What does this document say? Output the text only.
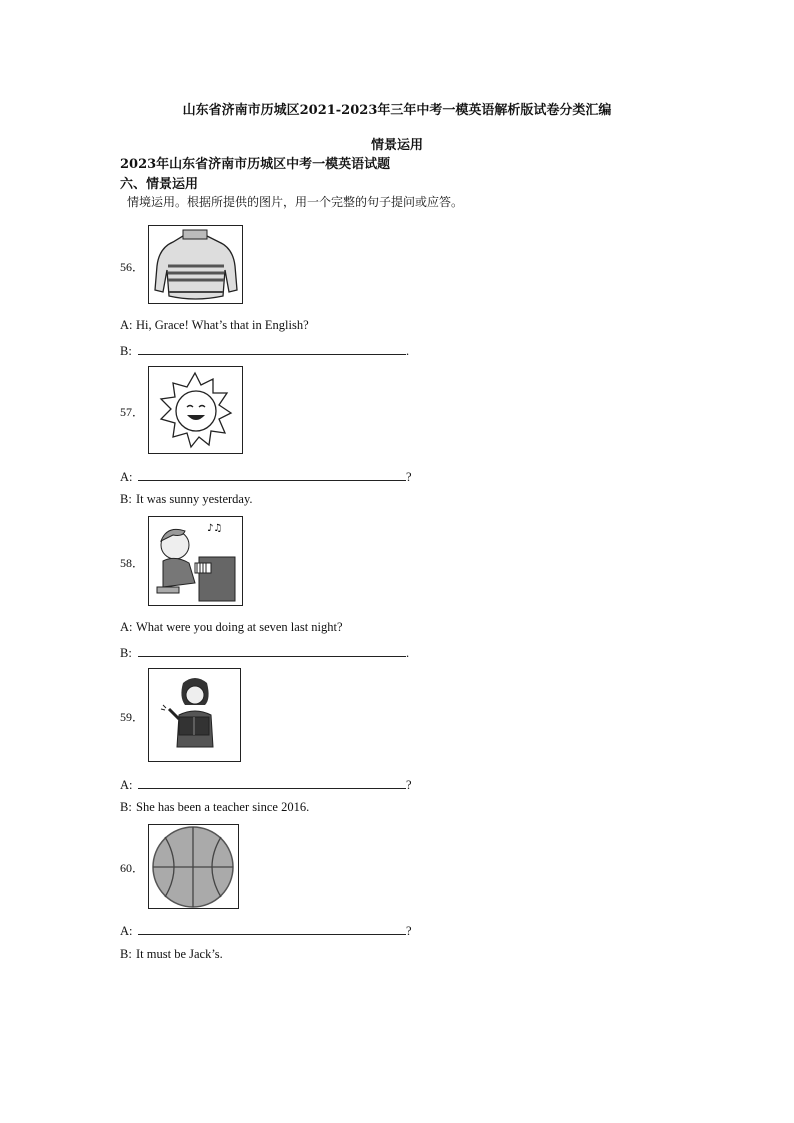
山东省济南市历城区2021-2023年三年中考一模英语解析版试卷分类汇编
情景运用
2023年山东省济南市历城区中考一模英语试题
六、情景运用
情境运用。根据所提供的图片，用一个完整的句子提问或应答。
56．
A: Hi, Grace! What’s that in English?
B:	.
57．
A:	?
B: It was sunny yesterday.
58．
♪♫
A: What were you doing at seven last night?
B:	.
59．
A:	?
B: She has been a teacher since 2016.
60．
A:	?
B: It must be Jack’s.
